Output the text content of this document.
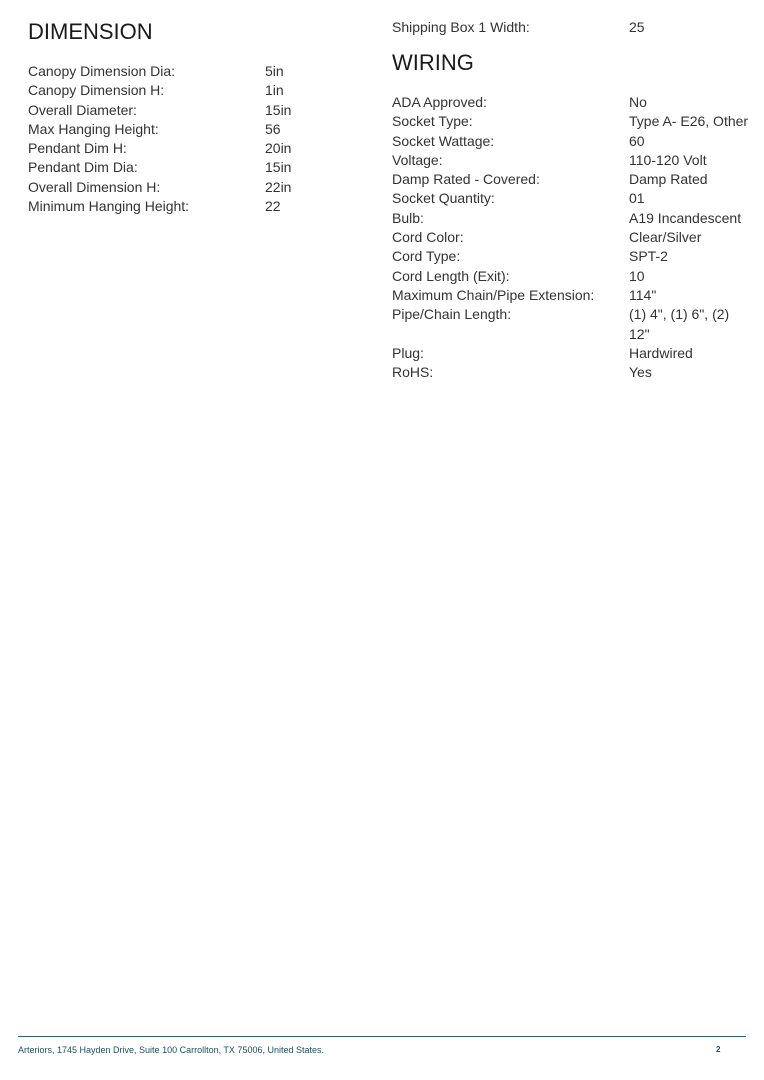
DIMENSION
Canopy Dimension Dia:	5in
Canopy Dimension H:	1in
Overall Diameter:	15in
Max Hanging Height:	56
Pendant Dim H:	20in
Pendant Dim Dia:	15in
Overall Dimension H:	22in
Minimum Hanging Height:	22
Shipping Box 1 Width:	25
WIRING
ADA Approved:	No
Socket Type:	Type A- E26, Other
Socket Wattage:	60
Voltage:	110-120 Volt
Damp Rated - Covered:	Damp Rated
Socket Quantity:	01
Bulb:	A19 Incandescent
Cord Color:	Clear/Silver
Cord Type:	SPT-2
Cord Length (Exit):	10
Maximum Chain/Pipe Extension:	114"
Pipe/Chain Length:	(1) 4", (1) 6", (2) 12"
Plug:	Hardwired
RoHS:	Yes
Arteriors, 1745 Hayden Drive, Suite 100 Carrollton, TX 75006, United States.	2
